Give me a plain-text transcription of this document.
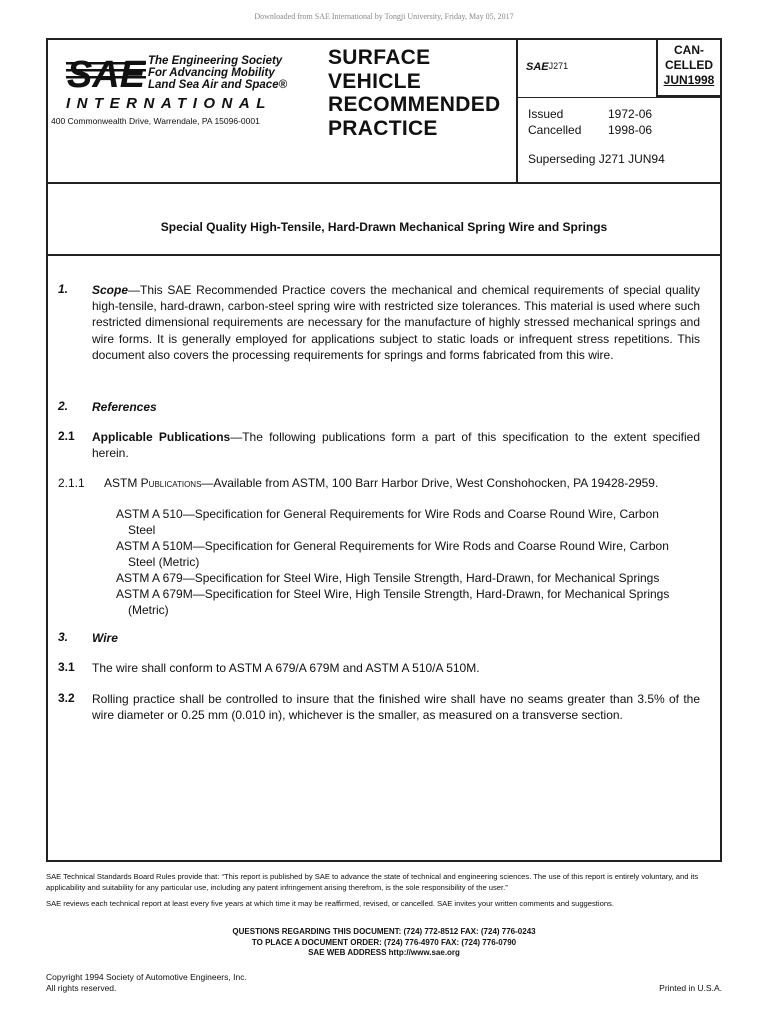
Downloaded from SAE International by Tongji University, Friday, May 05, 2017
SAE The Engineering Society
For Advancing Mobility
Land Sea Air and Space®
INTERNATIONAL
400 Commonwealth Drive, Warrendale, PA 15096-0001
SURFACE
VEHICLE
RECOMMENDED
PRACTICE
SAE J271
CAN-
CELLED
JUN1998
Issued	1972-06
Cancelled	1998-06
Superseding J271 JUN94
Special Quality High-Tensile, Hard-Drawn Mechanical Spring Wire and Springs
1. Scope—This SAE Recommended Practice covers the mechanical and chemical requirements of special quality high-tensile, hard-drawn, carbon-steel spring wire with restricted size tolerances. This material is used where such restricted dimensional requirements are necessary for the manufacture of highly stressed mechanical springs and wire forms. It is generally employed for applications subject to static loads or infrequent stress repetitions. This document also covers the processing requirements for springs and forms fabricated from this wire.
2. References
2.1 Applicable Publications—The following publications form a part of this specification to the extent specified herein.
2.1.1 ASTM Publications—Available from ASTM, 100 Barr Harbor Drive, West Conshohocken, PA 19428-2959.
ASTM A 510—Specification for General Requirements for Wire Rods and Coarse Round Wire, Carbon
Steel
ASTM A 510M—Specification for General Requirements for Wire Rods and Coarse Round Wire, Carbon
Steel (Metric)
ASTM A 679—Specification for Steel Wire, High Tensile Strength, Hard-Drawn, for Mechanical Springs
ASTM A 679M—Specification for Steel Wire, High Tensile Strength, Hard-Drawn, for Mechanical Springs
(Metric)
3. Wire
3.1 The wire shall conform to ASTM A 679/A 679M and ASTM A 510/A 510M.
3.2 Rolling practice shall be controlled to insure that the finished wire shall have no seams greater than 3.5% of the wire diameter or 0.25 mm (0.010 in), whichever is the smaller, as measured on a transverse section.

SAE Technical Standards Board Rules provide that: “This report is published by SAE to advance the state of technical and engineering sciences. The use of this report is entirely voluntary, and its applicability and suitability for any particular use, including any patent infringement arising therefrom, is the sole responsibility of the user.”

SAE reviews each technical report at least every five years at which time it may be reaffirmed, revised, or cancelled. SAE invites your written comments and suggestions.

QUESTIONS REGARDING THIS DOCUMENT: (724) 772-8512 FAX: (724) 776-0243
TO PLACE A DOCUMENT ORDER: (724) 776-4970 FAX: (724) 776-0790
SAE WEB ADDRESS http://www.sae.org
Copyright 1994 Society of Automotive Engineers, Inc.
All rights reserved.	Printed in U.S.A.
